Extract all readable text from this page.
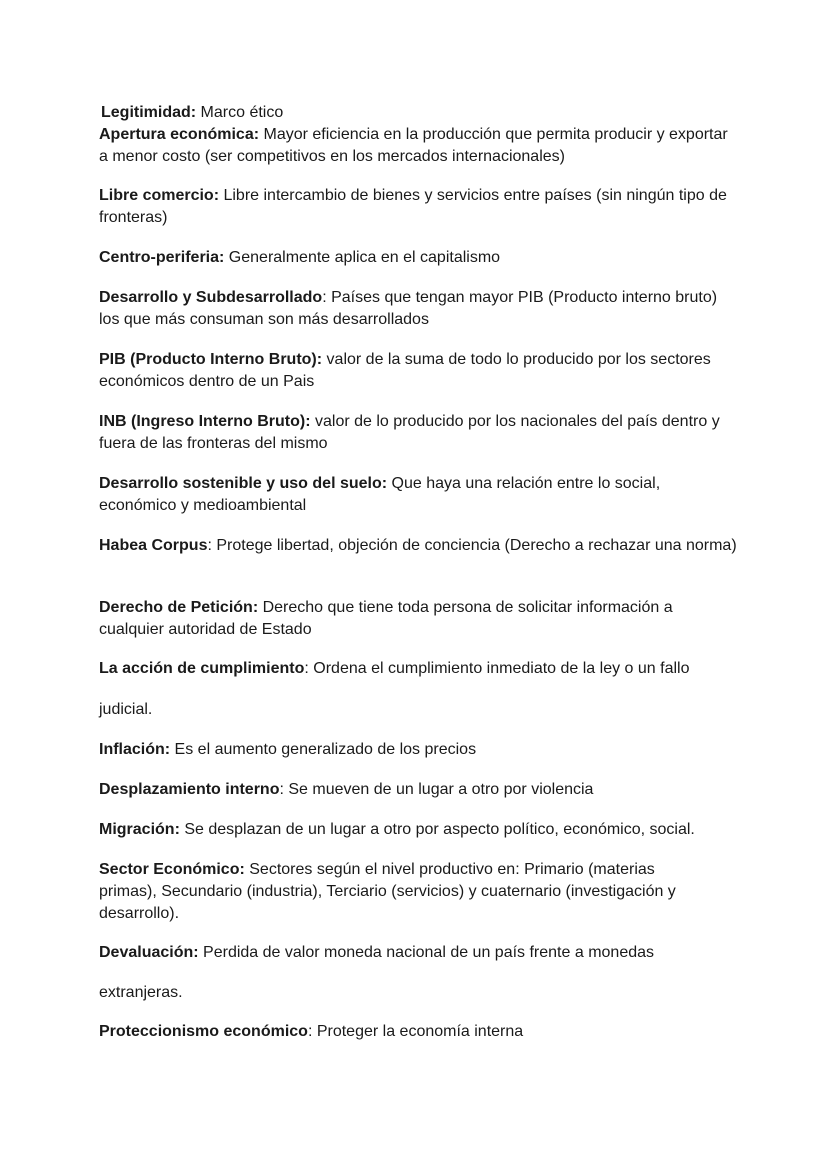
Legitimidad: Marco ético

Apertura económica: Mayor eficiencia en la producción que permita producir y exportar a menor costo (ser competitivos en los mercados internacionales)

Libre comercio: Libre intercambio de bienes y servicios entre países (sin ningún tipo de fronteras)

Centro-periferia: Generalmente aplica en el capitalismo

Desarrollo y Subdesarrollado: Países que tengan mayor PIB (Producto interno bruto) los que más consuman son más desarrollados

PIB (Producto Interno Bruto): valor de la suma de todo lo producido por los sectores económicos dentro de un Pais

INB (Ingreso Interno Bruto): valor de lo producido por los nacionales del país dentro y fuera de las fronteras del mismo

Desarrollo sostenible y uso del suelo: Que haya una relación entre lo social, económico y medioambiental

Habea Corpus: Protege libertad, objeción de conciencia (Derecho a rechazar una norma)

Derecho de Petición: Derecho que tiene toda persona de solicitar información a cualquier autoridad de Estado

La acción de cumplimiento: Ordena el cumplimiento inmediato de la ley o un fallo

judicial.

Inflación: Es el aumento generalizado de los precios

Desplazamiento interno: Se mueven de un lugar a otro por violencia

Migración: Se desplazan de un lugar a otro por aspecto político, económico, social.

Sector Económico: Sectores según el nivel productivo en: Primario (materias primas), Secundario (industria), Terciario (servicios) y cuaternario (investigación y desarrollo).

Devaluación: Perdida de valor moneda nacional de un país frente a monedas

extranjeras.

Proteccionismo económico: Proteger la economía interna
